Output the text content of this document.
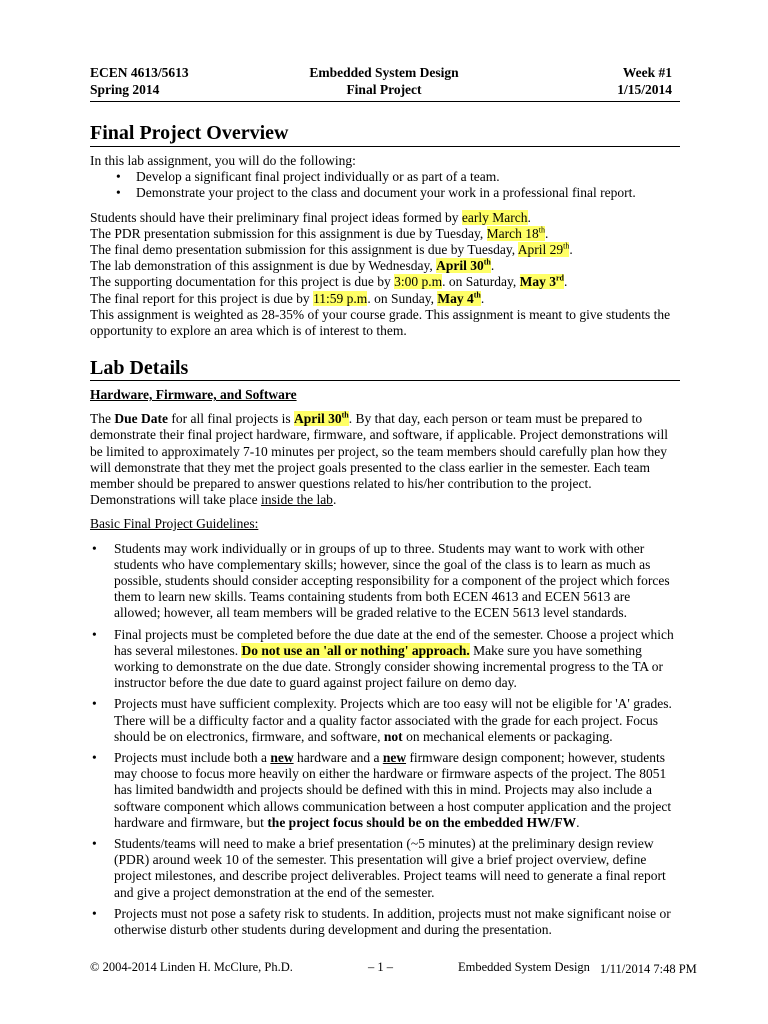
ECEN 4613/5613
Spring 2014
Embedded System Design
Final Project
Week #1
1/15/2014
Final Project Overview

In this lab assignment, you will do the following:

• Develop a significant final project individually or as part of a team.
• Demonstrate your project to the class and document your work in a professional final report.

Students should have their preliminary final project ideas formed by early March.

The PDR presentation submission for this assignment is due by Tuesday, March 18th.

The final demo presentation submission for this assignment is due by Tuesday, April 29th.

The lab demonstration of this assignment is due by Wednesday, April 30th.

The supporting documentation for this project is due by 3:00 p.m. on Saturday, May 3rd.

The final report for this project is due by 11:59 p.m. on Sunday, May 4th.

This assignment is weighted as 28-35% of your course grade. This assignment is meant to give students the opportunity to explore an area which is of interest to them.

Lab Details

Hardware, Firmware, and Software

The Due Date for all final projects is April 30th. By that day, each person or team must be prepared to demonstrate their final project hardware, firmware, and software, if applicable. Project demonstrations will be limited to approximately 7-10 minutes per project, so the team members should carefully plan how they will demonstrate that they met the project goals presented to the class earlier in the semester. Each team member should be prepared to answer questions related to his/her contribution to the project. Demonstrations will take place inside the lab.

Basic Final Project Guidelines:

• Students may work individually or in groups of up to three. Students may want to work with other students who have complementary skills; however, since the goal of the class is to learn as much as possible, students should consider accepting responsibility for a component of the project which forces them to learn new skills. Teams containing students from both ECEN 4613 and ECEN 5613 are allowed; however, all team members will be graded relative to the ECEN 5613 level standards.
• Final projects must be completed before the due date at the end of the semester. Choose a project which has several milestones. Do not use an 'all or nothing' approach. Make sure you have something working to demonstrate on the due date. Strongly consider showing incremental progress to the TA or instructor before the due date to guard against project failure on demo day.
• Projects must have sufficient complexity. Projects which are too easy will not be eligible for 'A' grades. There will be a difficulty factor and a quality factor associated with the grade for each project. Focus should be on electronics, firmware, and software, not on mechanical elements or packaging.
• Projects must include both a new hardware and a new firmware design component; however, students may choose to focus more heavily on either the hardware or firmware aspects of the project. The 8051 has limited bandwidth and projects should be defined with this in mind. Projects may also include a software component which allows communication between a host computer application and the project hardware and firmware, but the project focus should be on the embedded HW/FW.
• Students/teams will need to make a brief presentation (~5 minutes) at the preliminary design review (PDR) around week 10 of the semester. This presentation will give a brief project overview, define project milestones, and describe project deliverables. Project teams will need to generate a final report and give a project demonstration at the end of the semester.
• Projects must not pose a safety risk to students. In addition, projects must not make significant noise or otherwise disturb other students during development and during the presentation.
© 2004-2014 Linden H. McClure, Ph.D.	– 1 –	Embedded System Design 1/11/2014 7:48 PM
